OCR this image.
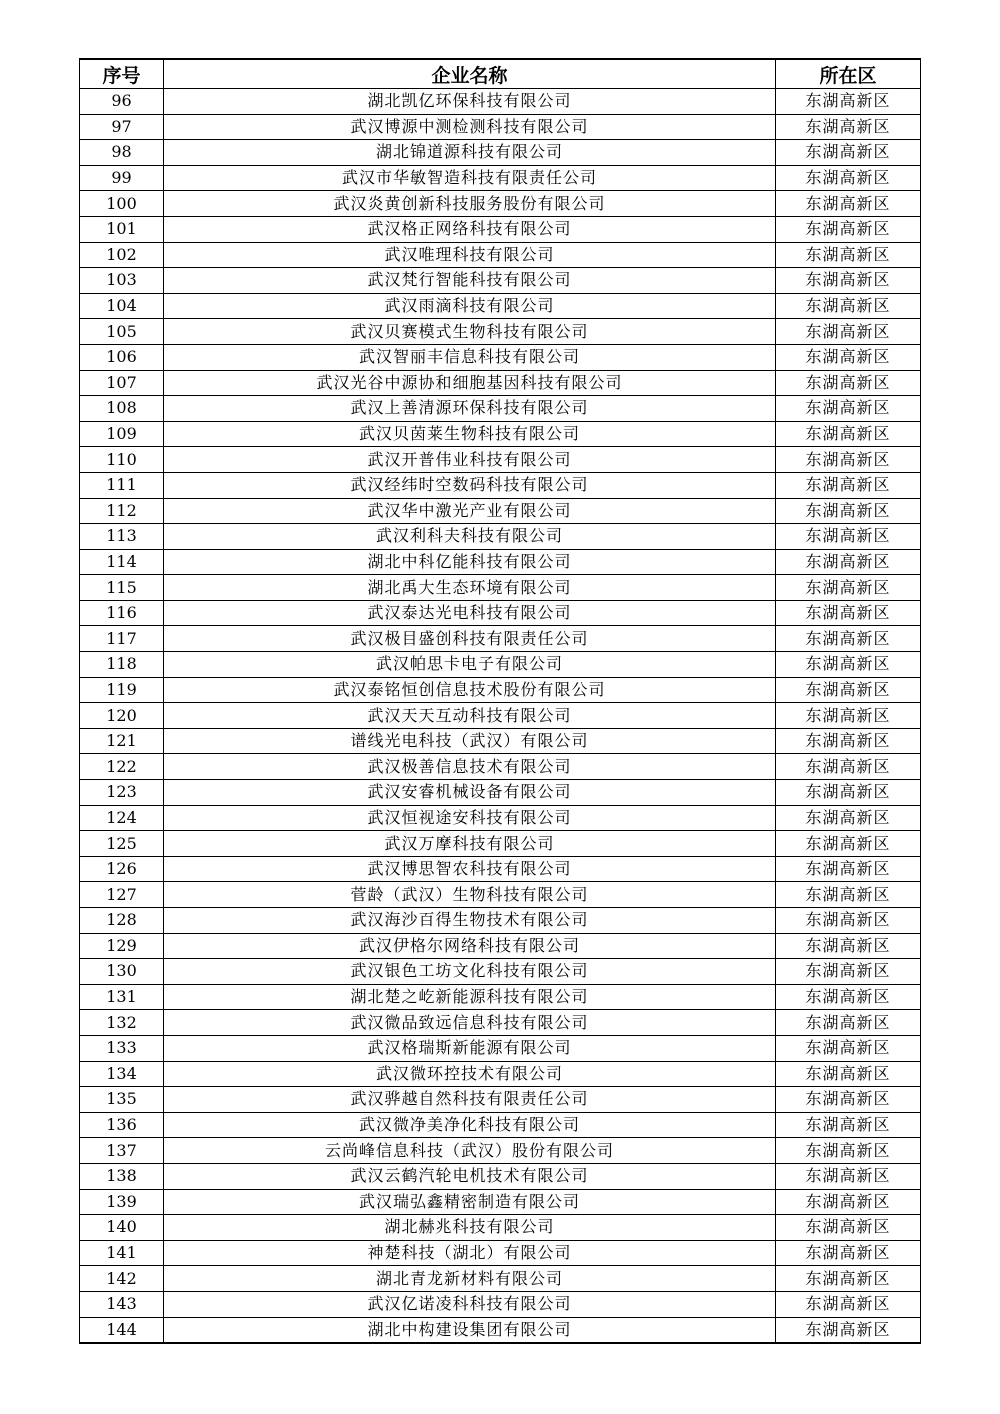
序号	企业名称	所在区
96	湖北凯亿环保科技有限公司	东湖高新区
97	武汉博源中测检测科技有限公司	东湖高新区
98	湖北锦道源科技有限公司	东湖高新区
99	武汉市华敏智造科技有限责任公司	东湖高新区
100	武汉炎黄创新科技服务股份有限公司	东湖高新区
101	武汉格正网络科技有限公司	东湖高新区
102	武汉唯理科技有限公司	东湖高新区
103	武汉梵行智能科技有限公司	东湖高新区
104	武汉雨滴科技有限公司	东湖高新区
105	武汉贝赛模式生物科技有限公司	东湖高新区
106	武汉智丽丰信息科技有限公司	东湖高新区
107	武汉光谷中源协和细胞基因科技有限公司	东湖高新区
108	武汉上善清源环保科技有限公司	东湖高新区
109	武汉贝茵莱生物科技有限公司	东湖高新区
110	武汉开普伟业科技有限公司	东湖高新区
111	武汉经纬时空数码科技有限公司	东湖高新区
112	武汉华中激光产业有限公司	东湖高新区
113	武汉利科夫科技有限公司	东湖高新区
114	湖北中科亿能科技有限公司	东湖高新区
115	湖北禹大生态环境有限公司	东湖高新区
116	武汉泰达光电科技有限公司	东湖高新区
117	武汉极目盛创科技有限责任公司	东湖高新区
118	武汉帕思卡电子有限公司	东湖高新区
119	武汉泰铭恒创信息技术股份有限公司	东湖高新区
120	武汉天天互动科技有限公司	东湖高新区
121	谱线光电科技（武汉）有限公司	东湖高新区
122	武汉极善信息技术有限公司	东湖高新区
123	武汉安睿机械设备有限公司	东湖高新区
124	武汉恒视途安科技有限公司	东湖高新区
125	武汉万摩科技有限公司	东湖高新区
126	武汉博思智农科技有限公司	东湖高新区
127	菅龄（武汉）生物科技有限公司	东湖高新区
128	武汉海沙百得生物技术有限公司	东湖高新区
129	武汉伊格尔网络科技有限公司	东湖高新区
130	武汉银色工坊文化科技有限公司	东湖高新区
131	湖北楚之屹新能源科技有限公司	东湖高新区
132	武汉微品致远信息科技有限公司	东湖高新区
133	武汉格瑞斯新能源有限公司	东湖高新区
134	武汉微环控技术有限公司	东湖高新区
135	武汉骅越自然科技有限责任公司	东湖高新区
136	武汉微净美净化科技有限公司	东湖高新区
137	云尚峰信息科技（武汉）股份有限公司	东湖高新区
138	武汉云鹤汽轮电机技术有限公司	东湖高新区
139	武汉瑞弘鑫精密制造有限公司	东湖高新区
140	湖北赫兆科技有限公司	东湖高新区
141	神楚科技（湖北）有限公司	东湖高新区
142	湖北青龙新材料有限公司	东湖高新区
143	武汉亿诺凌科科技有限公司	东湖高新区
144	湖北中构建设集团有限公司	东湖高新区
